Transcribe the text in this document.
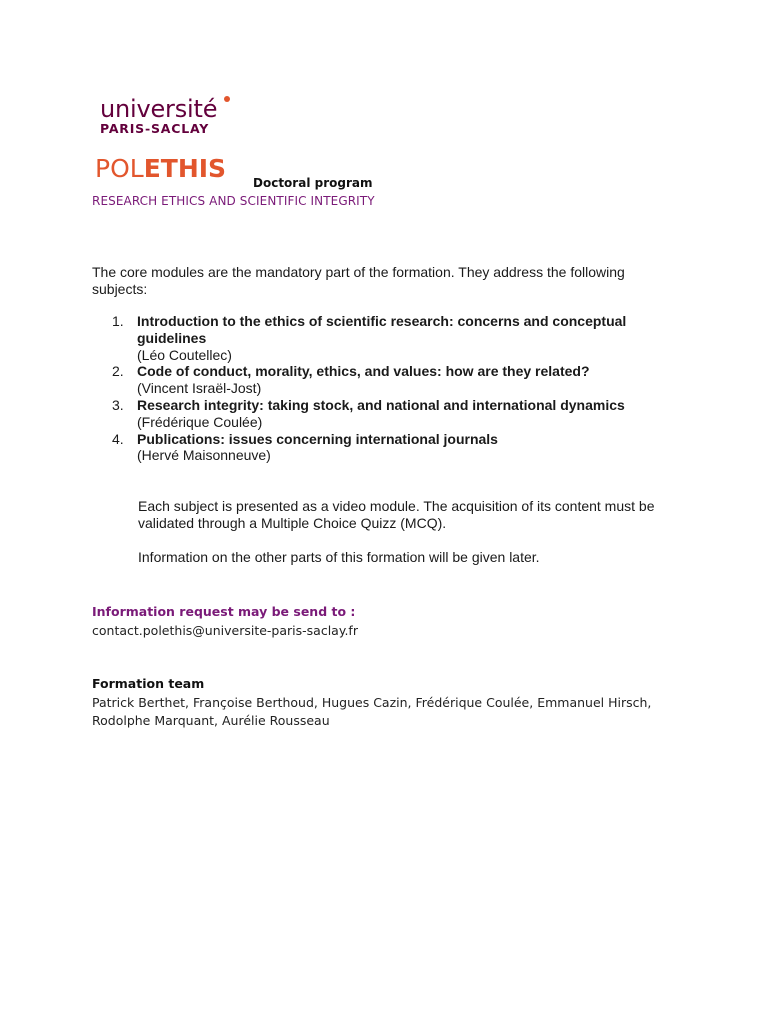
université
PARIS-SACLAY
POLETHIS Doctoral program
RESEARCH ETHICS AND SCIENTIFIC INTEGRITY
The core modules are the mandatory part of the formation. They address the following subjects:
1. Introduction to the ethics of scientific research: concerns and conceptual guidelines
(Léo Coutellec)
2. Code of conduct, morality, ethics, and values: how are they related?
(Vincent Israël-Jost)
3. Research integrity: taking stock, and national and international dynamics
(Frédérique Coulée)
4. Publications: issues concerning international journals
(Hervé Maisonneuve)
Each subject is presented as a video module. The acquisition of its content must be validated through a Multiple Choice Quizz (MCQ).
Information on the other parts of this formation will be given later.
Information request may be send to :
contact.polethis@universite-paris-saclay.fr
Formation team
Patrick Berthet, Françoise Berthoud, Hugues Cazin, Frédérique Coulée, Emmanuel Hirsch, Rodolphe Marquant, Aurélie Rousseau
